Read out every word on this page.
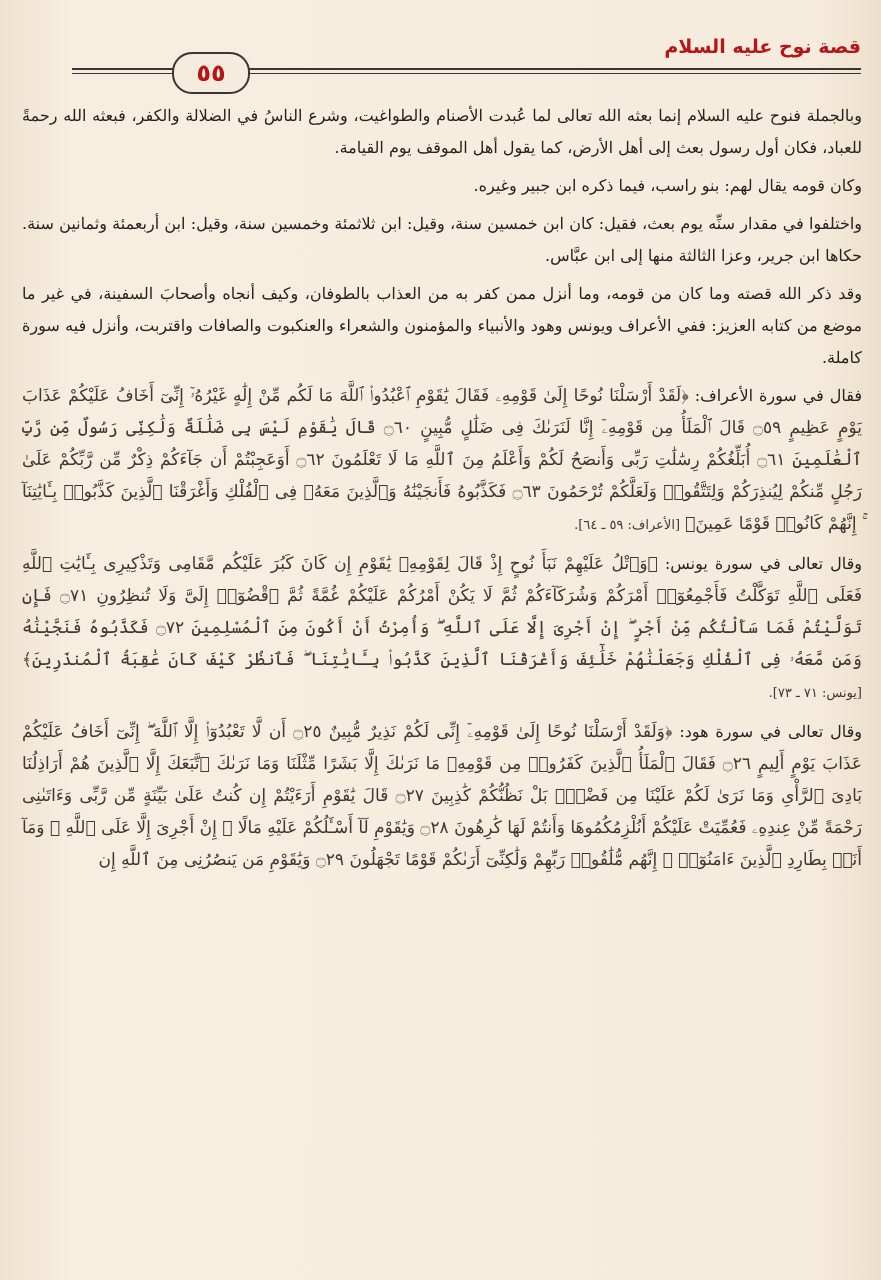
قصة نوح عليه السلام
٥٥

وبالجملة فنوح عليه السلام إنما بعثه الله تعالى لما عُبدت الأصنام والطواغيت، وشرع الناسُ في الضلالة والكفر، فبعثه الله رحمةً للعباد، فكان أول رسول بعث إلى أهل الأرض، كما يقول أهل الموقف يوم القيامة.

وكان قومه يقال لهم: بنو راسب، فيما ذكره ابن جبير وغيره.

واختلفوا في مقدار سنِّه يوم بعث، فقيل: كان ابن خمسين سنة، وقيل: ابن ثلاثمئة وخمسين سنة، وقيل: ابن أربعمئة وثمانين سنة. حكاها ابن جرير، وعزا الثالثة منها إلى ابن عبَّاس.

وقد ذكر الله قصته وما كان من قومه، وما أنزل ممن كفر به من العذاب بالطوفان، وكيف أنجاه وأصحابَ السفينة، في غير ما موضع من كتابه العزيز: ففي الأعراف ويونس وهود والأنبياء والمؤمنون والشعراء والعنكبوت والصافات واقتربت، وأنزل فيه سورة كاملة.

فقال في سورة الأعراف: ﴿لَقَدْ أَرْسَلْنَا نُوحًا إِلَىٰ قَوْمِهِۦ فَقَالَ يَٰقَوْمِ ٱعْبُدُوا۟ ٱللَّهَ مَا لَكُم مِّنْ إِلَٰهٍ غَيْرُهُۥٓ إِنِّىٓ أَخَافُ عَلَيْكُمْ عَذَابَ يَوْمٍ عَظِيمٍ ۝٥٩ قَالَ ٱلْمَلَأُ مِن قَوْمِهِۦٓ إِنَّا لَنَرَىٰكَ فِى ضَلَٰلٍ مُّبِينٍ ۝٦٠ قَالَ يَٰقَوْمِ لَيْسَ بِى ضَلَٰلَةٌ وَلَٰكِنِّى رَسُولٌ مِّن رَّبِّ ٱلْعَٰلَمِينَ ۝٦١ أُبَلِّغُكُمْ رِسَٰلَٰتِ رَبِّى وَأَنصَحُ لَكُمْ وَأَعْلَمُ مِنَ ٱللَّهِ مَا لَا تَعْلَمُونَ ۝٦٢ أَوَعَجِبْتُمْ أَن جَآءَكُمْ ذِكْرٌ مِّن رَّبِّكُمْ عَلَىٰ رَجُلٍ مِّنكُمْ لِيُنذِرَكُمْ وَلِتَتَّقُوا۟ وَلَعَلَّكُمْ تُرْحَمُونَ ۝٦٣ فَكَذَّبُوهُ فَأَنجَيْنَٰهُ وَٱلَّذِينَ مَعَهُۥ فِى ٱلْفُلْكِ وَأَغْرَقْنَا ٱلَّذِينَ كَذَّبُوا۟ بِـَٔايَٰتِنَآ ۚ إِنَّهُمْ كَانُوا۟ قَوْمًا عَمِينَ﴾ [الأعراف: ٥٩ ـ ٦٤].

وقال تعالى في سورة يونس: ﴿وَٱتْلُ عَلَيْهِمْ نَبَأَ نُوحٍ إِذْ قَالَ لِقَوْمِهِۦ يَٰقَوْمِ إِن كَانَ كَبُرَ عَلَيْكُم مَّقَامِى وَتَذْكِيرِى بِـَٔايَٰتِ ٱللَّهِ فَعَلَى ٱللَّهِ تَوَكَّلْتُ فَأَجْمِعُوٓا۟ أَمْرَكُمْ وَشُرَكَآءَكُمْ ثُمَّ لَا يَكُنْ أَمْرُكُمْ عَلَيْكُمْ غُمَّةً ثُمَّ ٱقْضُوٓا۟ إِلَىَّ وَلَا تُنظِرُونِ ۝٧١ فَإِن تَوَلَّيْتُمْ فَمَا سَأَلْتُكُم مِّنْ أَجْرٍ ۖ إِنْ أَجْرِىَ إِلَّا عَلَى ٱللَّهِ ۖ وَأُمِرْتُ أَنْ أَكُونَ مِنَ ٱلْمُسْلِمِينَ ۝٧٢ فَكَذَّبُوهُ فَنَجَّيْنَٰهُ وَمَن مَّعَهُۥ فِى ٱلْفُلْكِ وَجَعَلْنَٰهُمْ خَلَٰٓئِفَ وَأَغْرَقْنَا ٱلَّذِينَ كَذَّبُوا۟ بِـَٔايَٰتِنَا ۖ فَٱنظُرْ كَيْفَ كَانَ عَٰقِبَةُ ٱلْمُنذَرِينَ﴾ [يونس: ٧١ ـ ٧٣].

وقال تعالى في سورة هود: ﴿وَلَقَدْ أَرْسَلْنَا نُوحًا إِلَىٰ قَوْمِهِۦٓ إِنِّى لَكُمْ نَذِيرٌ مُّبِينٌ ۝٢٥ أَن لَّا تَعْبُدُوٓا۟ إِلَّا ٱللَّهَ ۖ إِنِّىٓ أَخَافُ عَلَيْكُمْ عَذَابَ يَوْمٍ أَلِيمٍ ۝٢٦ فَقَالَ ٱلْمَلَأُ ٱلَّذِينَ كَفَرُوا۟ مِن قَوْمِهِۦ مَا نَرَىٰكَ إِلَّا بَشَرًا مِّثْلَنَا وَمَا نَرَىٰكَ ٱتَّبَعَكَ إِلَّا ٱلَّذِينَ هُمْ أَرَاذِلُنَا بَادِىَ ٱلرَّأْىِ وَمَا نَرَىٰ لَكُمْ عَلَيْنَا مِن فَضْلٍۭ بَلْ نَظُنُّكُمْ كَٰذِبِينَ ۝٢٧ قَالَ يَٰقَوْمِ أَرَءَيْتُمْ إِن كُنتُ عَلَىٰ بَيِّنَةٍ مِّن رَّبِّى وَءَاتَىٰنِى رَحْمَةً مِّنْ عِندِهِۦ فَعُمِّيَتْ عَلَيْكُمْ أَنُلْزِمُكُمُوهَا وَأَنتُمْ لَهَا كَٰرِهُونَ ۝٢٨ وَيَٰقَوْمِ لَآ أَسْـَٔلُكُمْ عَلَيْهِ مَالًا ۖ إِنْ أَجْرِىَ إِلَّا عَلَى ٱللَّهِ ۚ وَمَآ أَنَا۠ بِطَارِدِ ٱلَّذِينَ ءَامَنُوٓا۟ ۚ إِنَّهُم مُّلَٰقُوا۟ رَبِّهِمْ وَلَٰكِنِّىٓ أَرَىٰكُمْ قَوْمًا تَجْهَلُونَ ۝٢٩ وَيَٰقَوْمِ مَن يَنصُرُنِى مِنَ ٱللَّهِ إِن
